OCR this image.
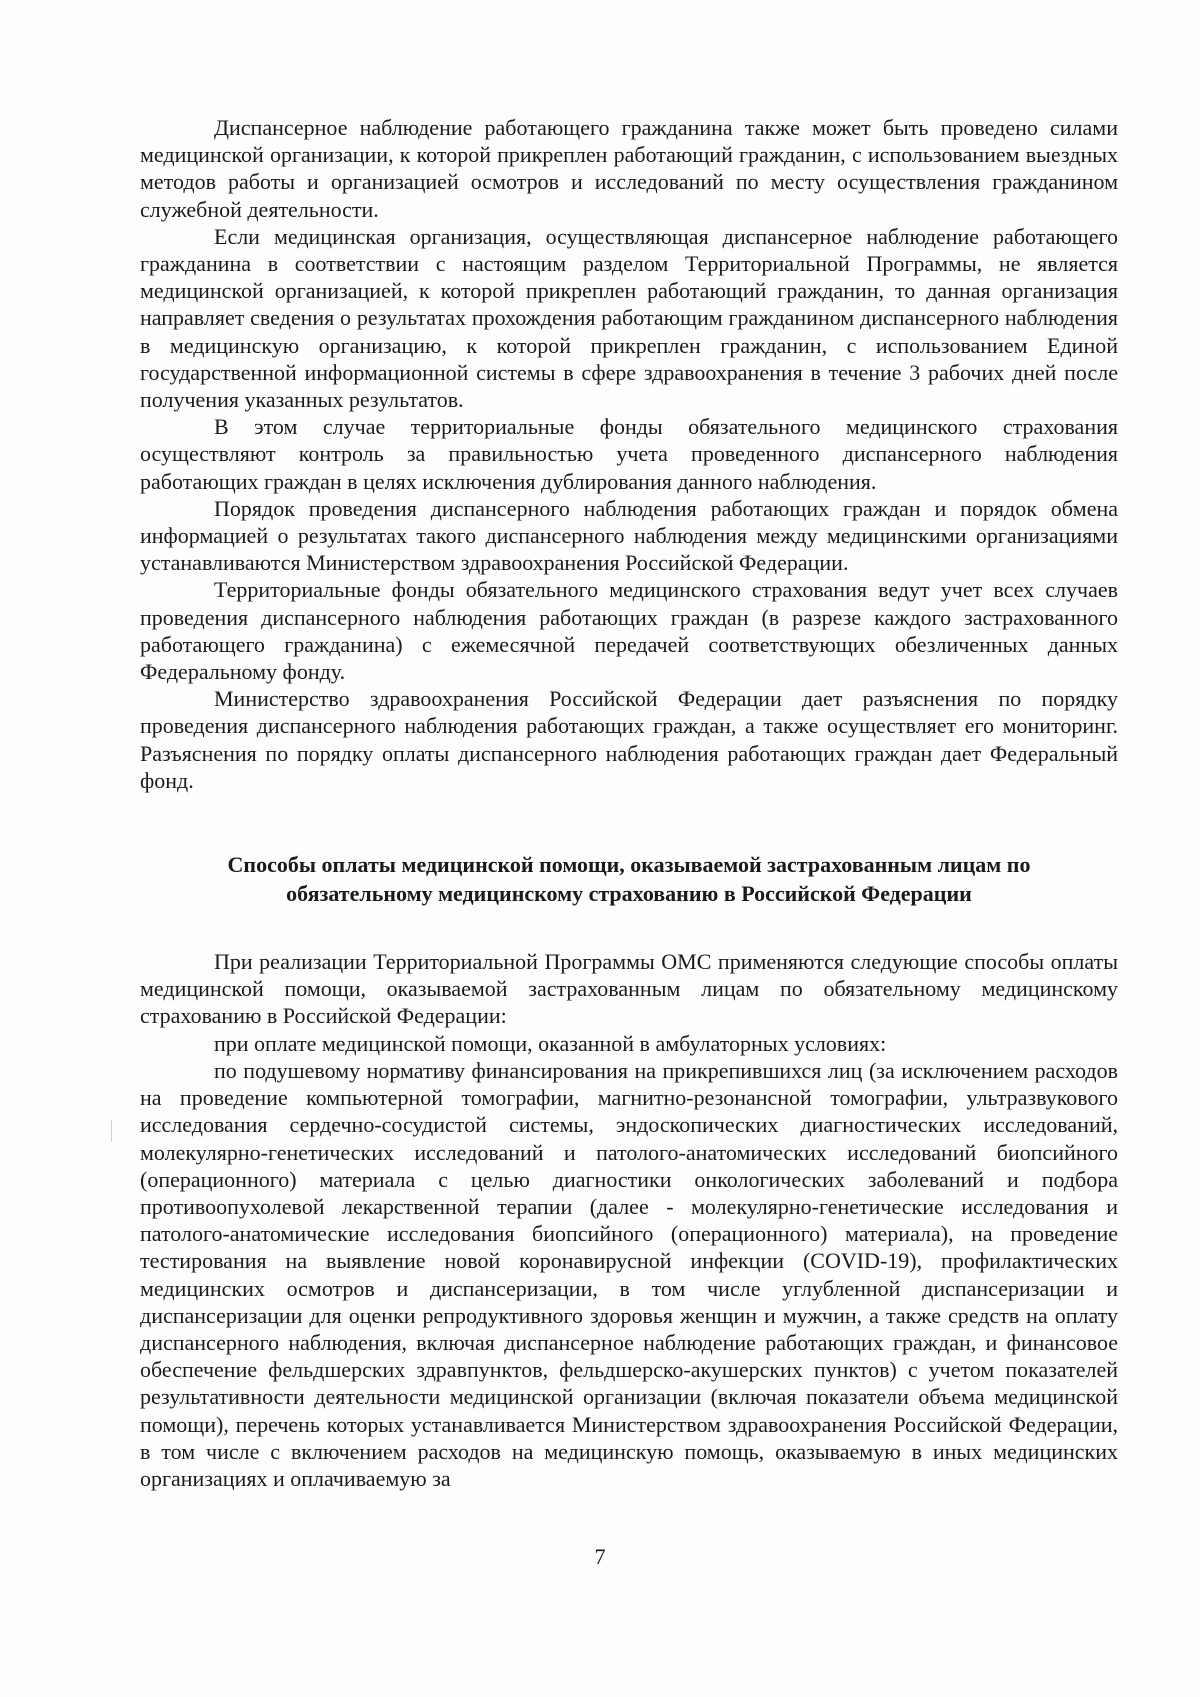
Диспансерное наблюдение работающего гражданина также может быть проведено силами медицинской организации, к которой прикреплен работающий гражданин, с использованием выездных методов работы и организацией осмотров и исследований по месту осуществления гражданином служебной деятельности.

Если медицинская организация, осуществляющая диспансерное наблюдение работающего гражданина в соответствии с настоящим разделом Территориальной Программы, не является медицинской организацией, к которой прикреплен работающий гражданин, то данная организация направляет сведения о результатах прохождения работающим гражданином диспансерного наблюдения в медицинскую организацию, к которой прикреплен гражданин, с использованием Единой государственной информационной системы в сфере здравоохранения в течение 3 рабочих дней после получения указанных результатов.

В этом случае территориальные фонды обязательного медицинского страхования осуществляют контроль за правильностью учета проведенного диспансерного наблюдения работающих граждан в целях исключения дублирования данного наблюдения.

Порядок проведения диспансерного наблюдения работающих граждан и порядок обмена информацией о результатах такого диспансерного наблюдения между медицинскими организациями устанавливаются Министерством здравоохранения Российской Федерации.

Территориальные фонды обязательного медицинского страхования ведут учет всех случаев проведения диспансерного наблюдения работающих граждан (в разрезе каждого застрахованного работающего гражданина) с ежемесячной передачей соответствующих обезличенных данных Федеральному фонду.

Министерство здравоохранения Российской Федерации дает разъяснения по порядку проведения диспансерного наблюдения работающих граждан, а также осуществляет его мониторинг. Разъяснения по порядку оплаты диспансерного наблюдения работающих граждан дает Федеральный фонд.

Способы оплаты медицинской помощи, оказываемой застрахованным лицам по

обязательному медицинскому страхованию в Российской Федерации

При реализации Территориальной Программы ОМС применяются следующие способы оплаты медицинской помощи, оказываемой застрахованным лицам по обязательному медицинскому страхованию в Российской Федерации:

при оплате медицинской помощи, оказанной в амбулаторных условиях:

по подушевому нормативу финансирования на прикрепившихся лиц (за исключением расходов на проведение компьютерной томографии, магнитно-резонансной томографии, ультразвукового исследования сердечно-сосудистой системы, эндоскопических диагностических исследований, молекулярно-генетических исследований и патолого-анатомических исследований биопсийного (операционного) материала с целью диагностики онкологических заболеваний и подбора противоопухолевой лекарственной терапии (далее - молекулярно-генетические исследования и патолого-анатомические исследования биопсийного (операционного) материала), на проведение тестирования на выявление новой коронавирусной инфекции (COVID-19), профилактических медицинских осмотров и диспансеризации, в том числе углубленной диспансеризации и диспансеризации для оценки репродуктивного здоровья женщин и мужчин, а также средств на оплату диспансерного наблюдения, включая диспансерное наблюдение работающих граждан, и финансовое обеспечение фельдшерских здравпунктов, фельдшерско-акушерских пунктов) с учетом показателей результативности деятельности медицинской организации (включая показатели объема медицинской помощи), перечень которых устанавливается Министерством здравоохранения Российской Федерации, в том числе с включением расходов на медицинскую помощь, оказываемую в иных медицинских организациях и оплачиваемую за

7
